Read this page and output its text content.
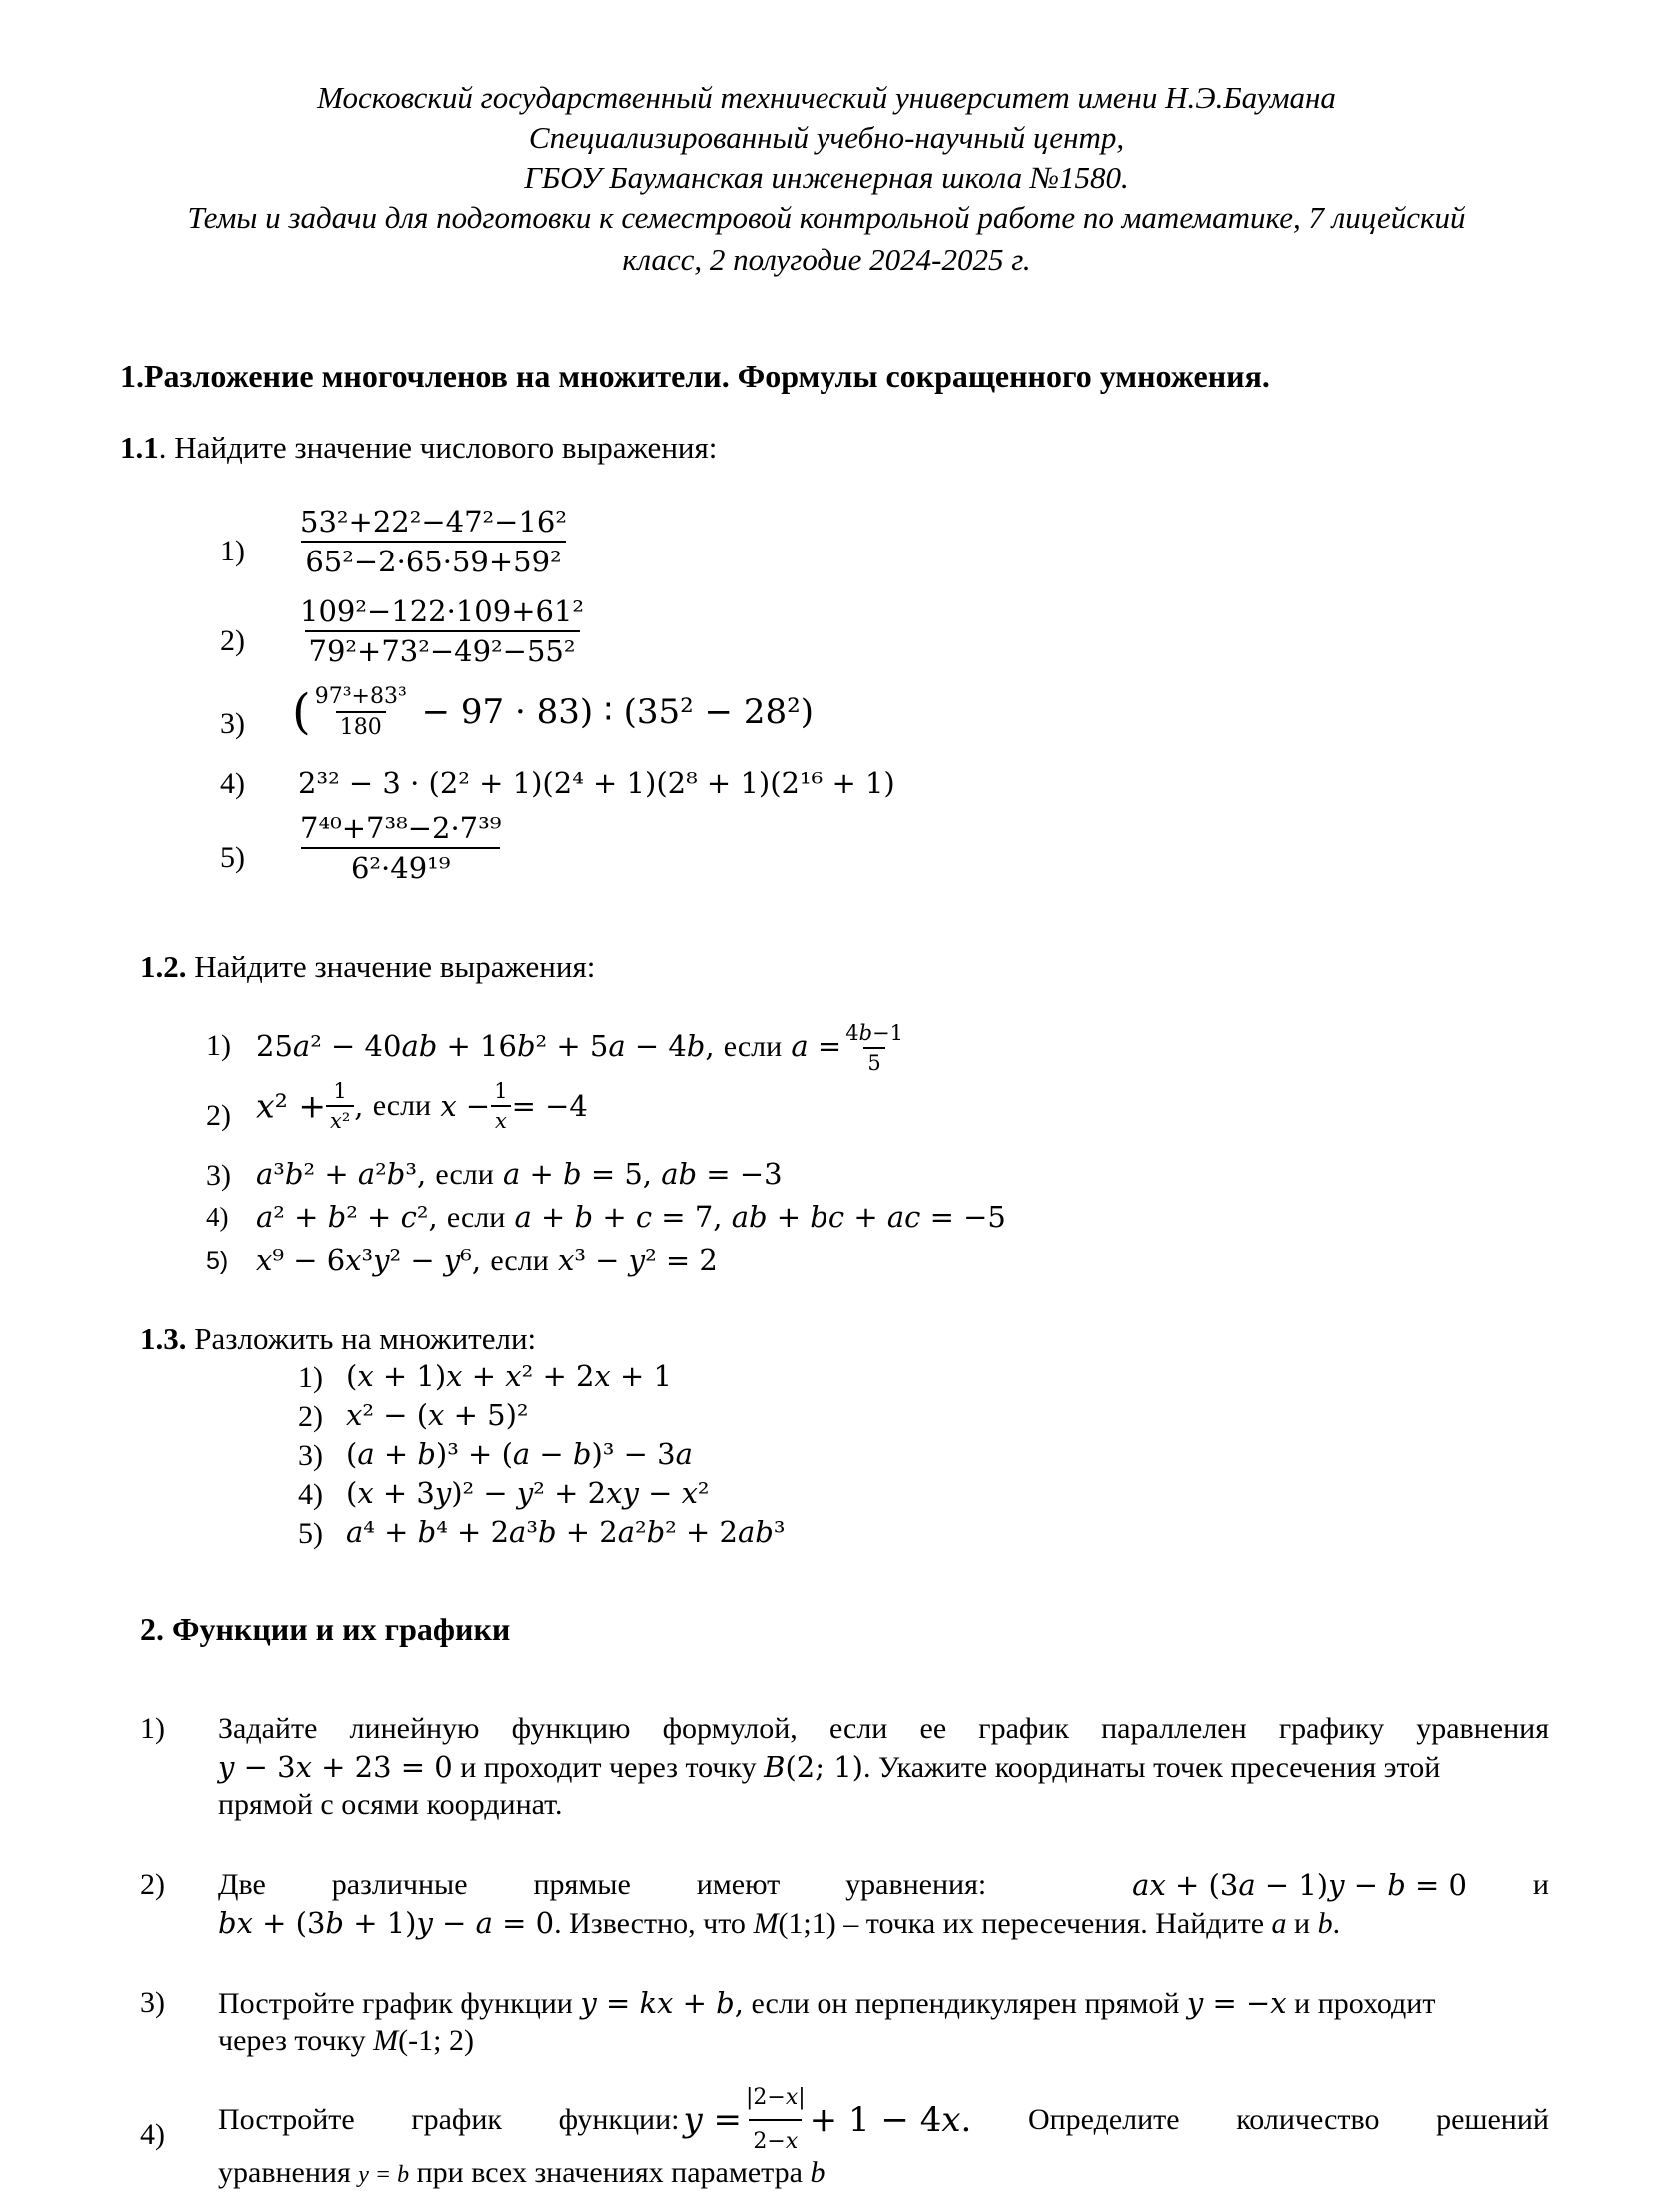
Московский государственный технический университет имени Н.Э.Баумана
Специализированный учебно-научный центр,
ГБОУ Бауманская инженерная школа №1580.
Темы и задачи для подготовки к семестровой контрольной работе по математике, 7 лицейский
класс, 2 полугодие 2024-2025 г.
1.Разложение многочленов на множители. Формулы сокращенного умножения.
1.1. Найдите значение числового выражения:
$1) \frac{\text{53²+22²−47²−16²}}{\text{65²−2·65·59+59²}}$
$2) \frac{\text{109²−122·109+61²}}{\text{79²+73²−49²−55²}}$
3) ( $\frac{\text{97³+83³}}{180} - 97 \cdot 83$) ∶ (35² − 28²)
4) 2³² − 3 · (2² + 1)(2⁴ + 1)(2⁸ + 1)(2¹⁶ + 1)
$5) \frac{\text{7⁴⁰+7³⁸−2·7³⁹}}{\text{6²·49¹⁹}}$
1.2. Найдите значение выражения:
1) 25𝑎² − 40𝑎𝑏 + 16𝑏² + 5𝑎 − 4𝑏, если 𝑎 = $\frac{\text{4𝑏−1}}{5}$
2) 𝑥² + $\frac{1}{\text{𝑥²}}$ , если 𝑥 − $\frac{1}{\text{𝑥}} = -4$
3) 𝑎³𝑏² + 𝑎²𝑏³, если 𝑎 + 𝑏 = 5, 𝑎𝑏 = −3
4) 𝑎² + 𝑏² + 𝑐², если 𝑎 + 𝑏 + 𝑐 = 7, 𝑎𝑏 + 𝑏𝑐 + 𝑎𝑐 = −5
5) 𝑥⁹ − 6𝑥³𝑦² − 𝑦⁶, если 𝑥³ − 𝑦² = 2
1.3. Разложить на множители:
1) (𝑥 + 1)𝑥 + 𝑥² + 2𝑥 + 1
2) 𝑥² − (𝑥 + 5)²
3) (𝑎 + 𝑏)³ + (𝑎 − 𝑏)³ − 3𝑎
4) (𝑥 + 3𝑦)² − 𝑦² + 2𝑥𝑦 − 𝑥²
5) 𝑎⁴ + 𝑏⁴ + 2𝑎³𝑏 + 2𝑎²𝑏² + 2𝑎𝑏³
2. Функции и их графики
1) Задайте линейную функцию формулой, если ее график параллелен графику уравнения
𝑦 − 3𝑥 + 23 = 0 и проходит через точку 𝐵(2; 1). Укажите координаты точек пресечения этой
прямой с осями координат.
2) Две различные прямые имеют уравнения:	𝑎𝑥 + (3𝑎 − 1)𝑦 − 𝑏 = 0 и
𝑏𝑥 + (3𝑏 + 1)𝑦 − 𝑎 = 0. Известно, что M(1;1) – точка их пересечения. Найдите a и b.
3) Постройте график функции 𝑦 = 𝑘𝑥 + 𝑏, если он перпендикулярен прямой 𝑦 = −𝑥 и проходит
через точку M(-1; 2)
4) Постройте график функции: 𝑦 = $\frac{\text{|2−𝑥|}}{\text{2−𝑥}} + 1$ − 4𝑥. Определите количество решений
уравнения y = b при всех значениях параметра b
